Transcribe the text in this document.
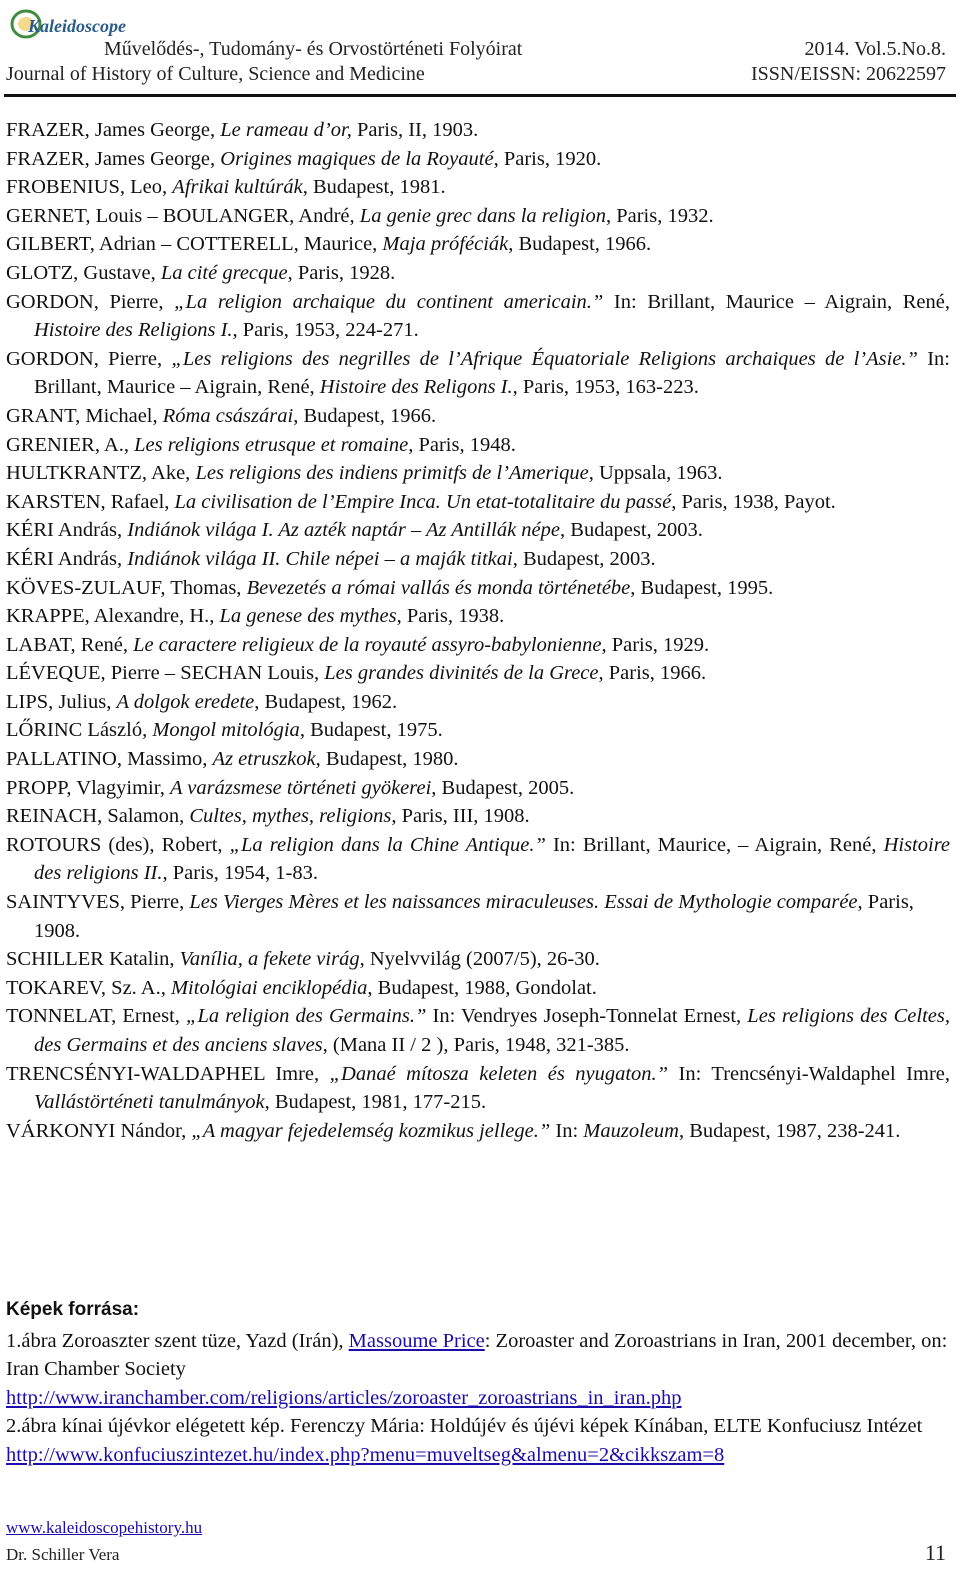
Kaleidoscope
Művelődés-, Tudomány- és Orvostörténeti Folyóirat
Journal of History of Culture, Science and Medicine
2014. Vol.5.No.8.
ISSN/EISSN: 20622597

FRAZER, James George, Le rameau d’or, Paris, II, 1903.

FRAZER, James George, Origines magiques de la Royauté, Paris, 1920.

FROBENIUS, Leo, Afrikai kultúrák, Budapest, 1981.

GERNET, Louis – BOULANGER, André, La genie grec dans la religion, Paris, 1932.

GILBERT, Adrian – COTTERELL, Maurice, Maja próféciák, Budapest, 1966.

GLOTZ, Gustave, La cité grecque, Paris, 1928.

GORDON, Pierre, „La religion archaique du continent americain.” In: Brillant, Maurice – Aigrain, René, Histoire des Religions I., Paris, 1953, 224-271.

GORDON, Pierre, „Les religions des negrilles de l’Afrique Équatoriale Religions archaiques de l’Asie.” In: Brillant, Maurice – Aigrain, René, Histoire des Religons I., Paris, 1953, 163-223.

GRANT, Michael, Róma császárai, Budapest, 1966.

GRENIER, A., Les religions etrusque et romaine, Paris, 1948.

HULTKRANTZ, Ake, Les religions des indiens primitfs de l’Amerique, Uppsala, 1963.

KARSTEN, Rafael, La civilisation de l’Empire Inca. Un etat-totalitaire du passé, Paris, 1938, Payot.

KÉRI András, Indiánok világa I. Az azték naptár – Az Antillák népe, Budapest, 2003.

KÉRI András, Indiánok világa II. Chile népei – a maják titkai, Budapest, 2003.

KÖVES-ZULAUF, Thomas, Bevezetés a római vallás és monda történetébe, Budapest, 1995.

KRAPPE, Alexandre, H., La genese des mythes, Paris, 1938.

LABAT, René, Le caractere religieux de la royauté assyro-babylonienne, Paris, 1929.

LÉVEQUE, Pierre – SECHAN Louis, Les grandes divinités de la Grece, Paris, 1966.

LIPS, Julius, A dolgok eredete, Budapest, 1962.

LŐRINC László, Mongol mitológia, Budapest, 1975.

PALLATINO, Massimo, Az etruszkok, Budapest, 1980.

PROPP, Vlagyimir, A varázsmese történeti gyökerei, Budapest, 2005.

REINACH, Salamon, Cultes, mythes, religions, Paris, III, 1908.

ROTOURS (des), Robert, „La religion dans la Chine Antique.” In: Brillant, Maurice, – Aigrain, René, Histoire des religions II., Paris, 1954, 1-83.

SAINTYVES, Pierre, Les Vierges Mères et les naissances miraculeuses. Essai de Mythologie comparée, Paris, 1908.

SCHILLER Katalin, Vanília, a fekete virág, Nyelvvilág (2007/5), 26-30.

TOKAREV, Sz. A., Mitológiai enciklopédia, Budapest, 1988, Gondolat.

TONNELAT, Ernest, „La religion des Germains.” In: Vendryes Joseph-Tonnelat Ernest, Les religions des Celtes, des Germains et des anciens slaves, (Mana II / 2 ), Paris, 1948, 321-385.

TRENCSÉNYI-WALDAPHEL Imre, „Danaé mítosza keleten és nyugaton.” In: Trencsényi-Waldaphel Imre, Vallástörténeti tanulmányok, Budapest, 1981, 177-215.

VÁRKONYI Nándor, „A magyar fejedelemség kozmikus jellege.” In: Mauzoleum, Budapest, 1987, 238-241.

Képek forrása:

1.ábra Zoroaszter szent tüze, Yazd (Irán), Massoume Price: Zoroaster and Zoroastrians in Iran, 2001 december, on: Iran Chamber Society

http://www.iranchamber.com/religions/articles/zoroaster_zoroastrians_in_iran.php

2.ábra kínai újévkor elégetett kép. Ferenczy Mária: Holdújév és újévi képek Kínában, ELTE Konfuciusz Intézet

http://www.konfuciuszintezet.hu/index.php?menu=muveltseg&almenu=2&cikkszam=8

www.kaleidoscopehistory.hu
Dr. Schiller Vera	11
